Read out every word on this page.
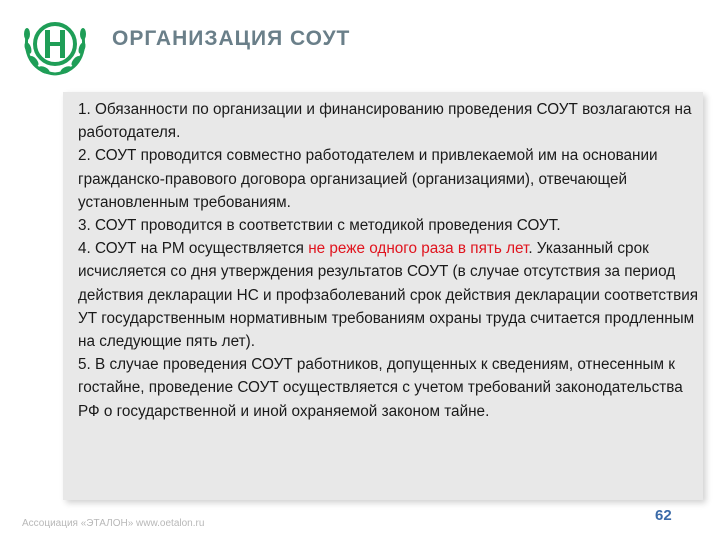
ОРГАНИЗАЦИЯ СОУТ

1. Обязанности по организации и финансированию проведения СОУТ возлагаются на работодателя.

2. СОУТ проводится совместно работодателем и привлекаемой им на основании гражданско-правового договора организацией (организациями), отвечающей установленным требованиям.

3. СОУТ проводится в соответствии с методикой проведения СОУТ.

4. СОУТ на РМ осуществляется не реже одного раза в пять лет. Указанный срок исчисляется со дня утверждения результатов СОУТ (в случае отсутствия за период действия декларации НС и профзаболеваний срок действия декларации соответствия УТ государственным нормативным требованиям охраны труда считается продленным на следующие пять лет).

5. В случае проведения СОУТ работников, допущенных к сведениям, отнесенным к гостайне, проведение СОУТ осуществляется с учетом требований законодательства РФ о государственной и иной охраняемой законом тайне.

Ассоциация «ЭТАЛОН» www.oetalon.ru	62
